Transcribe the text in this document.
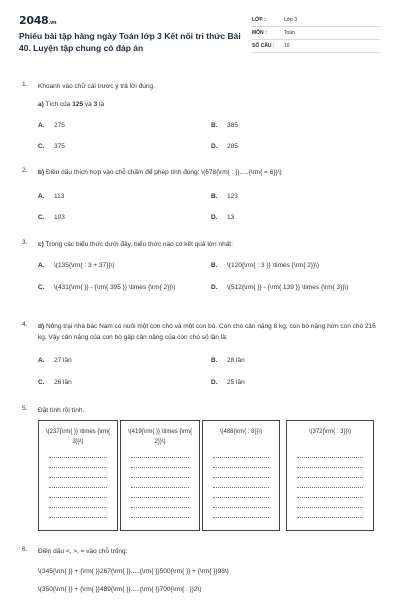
2048.vn
Phiếu bài tập hàng ngày Toán lớp 3 Kết nối tri thức Bài 40. Luyện tập chung có đáp án
LỚP :	Lớp 3
MÔN :	Toán
SỐ CÂU :	10
1. Khoanh vào chữ cái trước ý trả lời đúng.
a) Tích của 125 và 3 là
A.	275	B.	385
C.	375	D.	285
2. b) Điền dấu thích hợp vào chỗ chấm để phép tính đúng: \(678{\rm{ : }}.....{\rm{ = 6}}\)
A.	113	B.	123
C.	103	D.	13
3. c) Trong các biểu thức dưới đây, biểu thức nào có kết quả lớn nhất:
A.	\(135{\rm{ : 3 + 37}}\)	B.	\(120{\rm{ : 3 }} \times {\rm{ 2}}\)
C.	\(431{\rm{ }} - {\rm{ 395 }} \times {\rm{ 2}}\)	D.	\(512{\rm{ }} - {\rm{ 139 }} \times {\rm{ 3}}\)
4. d) Nông trại nhà bác Nam có nuôi một con chó và một con bò. Con chó cân nặng 8 kg, con bò nặng hơn con chó 216 kg. Vậy cân nặng của con bò gấp cân nặng của con chó số lần là:
A.	27 lần	B.	28 lần
C.	26 lần	D.	25 lần
5. Đặt tính rồi tính.
\(237{\rm{ }} \times {\rm{ 3}}\)
\(419{\rm{ }} \times {\rm{ 2}}\)
\(488{\rm{ : 8}}\)	\(372{\rm{ : 3}}\)
6. Điền dấu <, >, = vào chỗ trống:
\(345{\rm{ }} + {\rm{ }}267{\rm{ }}.....{\rm{ }}500{\rm{ }} + {\rm{ }}98\)
\(350{\rm{ }} + {\rm{ }}489{\rm{ }}.....{\rm{ }}700{\rm{ : }}2\)
